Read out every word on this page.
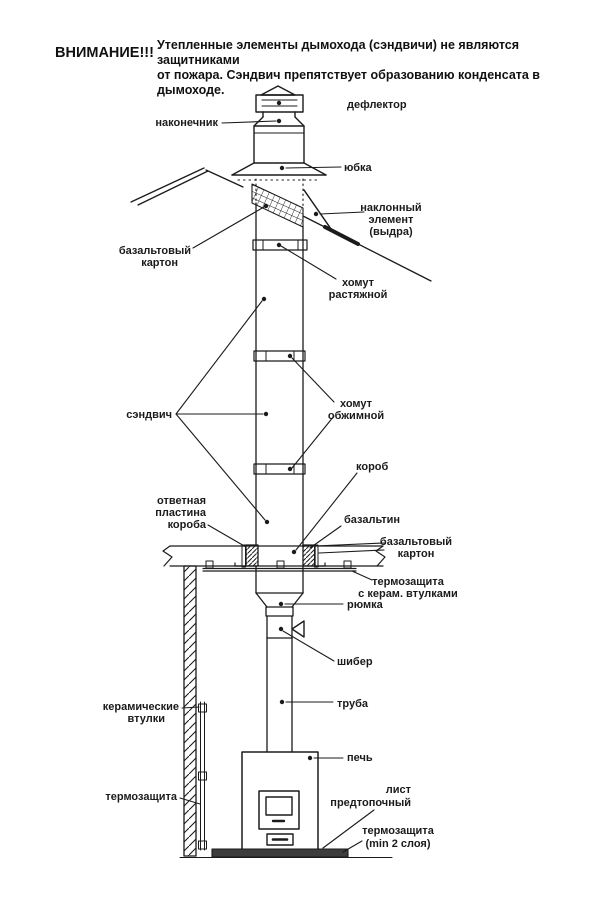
ВНИМАНИЕ!!! Утепленные элементы дымохода (сэндвичи) не являются защитниками
от пожара. Сэндвич препятствует образованию конденсата в дымоходе.
дефлектор
наконечник
юбка
наклонный
элемент
(выдра)
базальтовый
картон
хомут
растяжной
сэндвич
хомут
обжимной
короб
ответная
пластина
короба	базальтин
базальтовый
картон
термозащита
с керам. втулками
рюмка
шибер
труба
керамические
втулки
печь
термозащита
лист
предтопочный
термозащита
(min 2 слоя)
